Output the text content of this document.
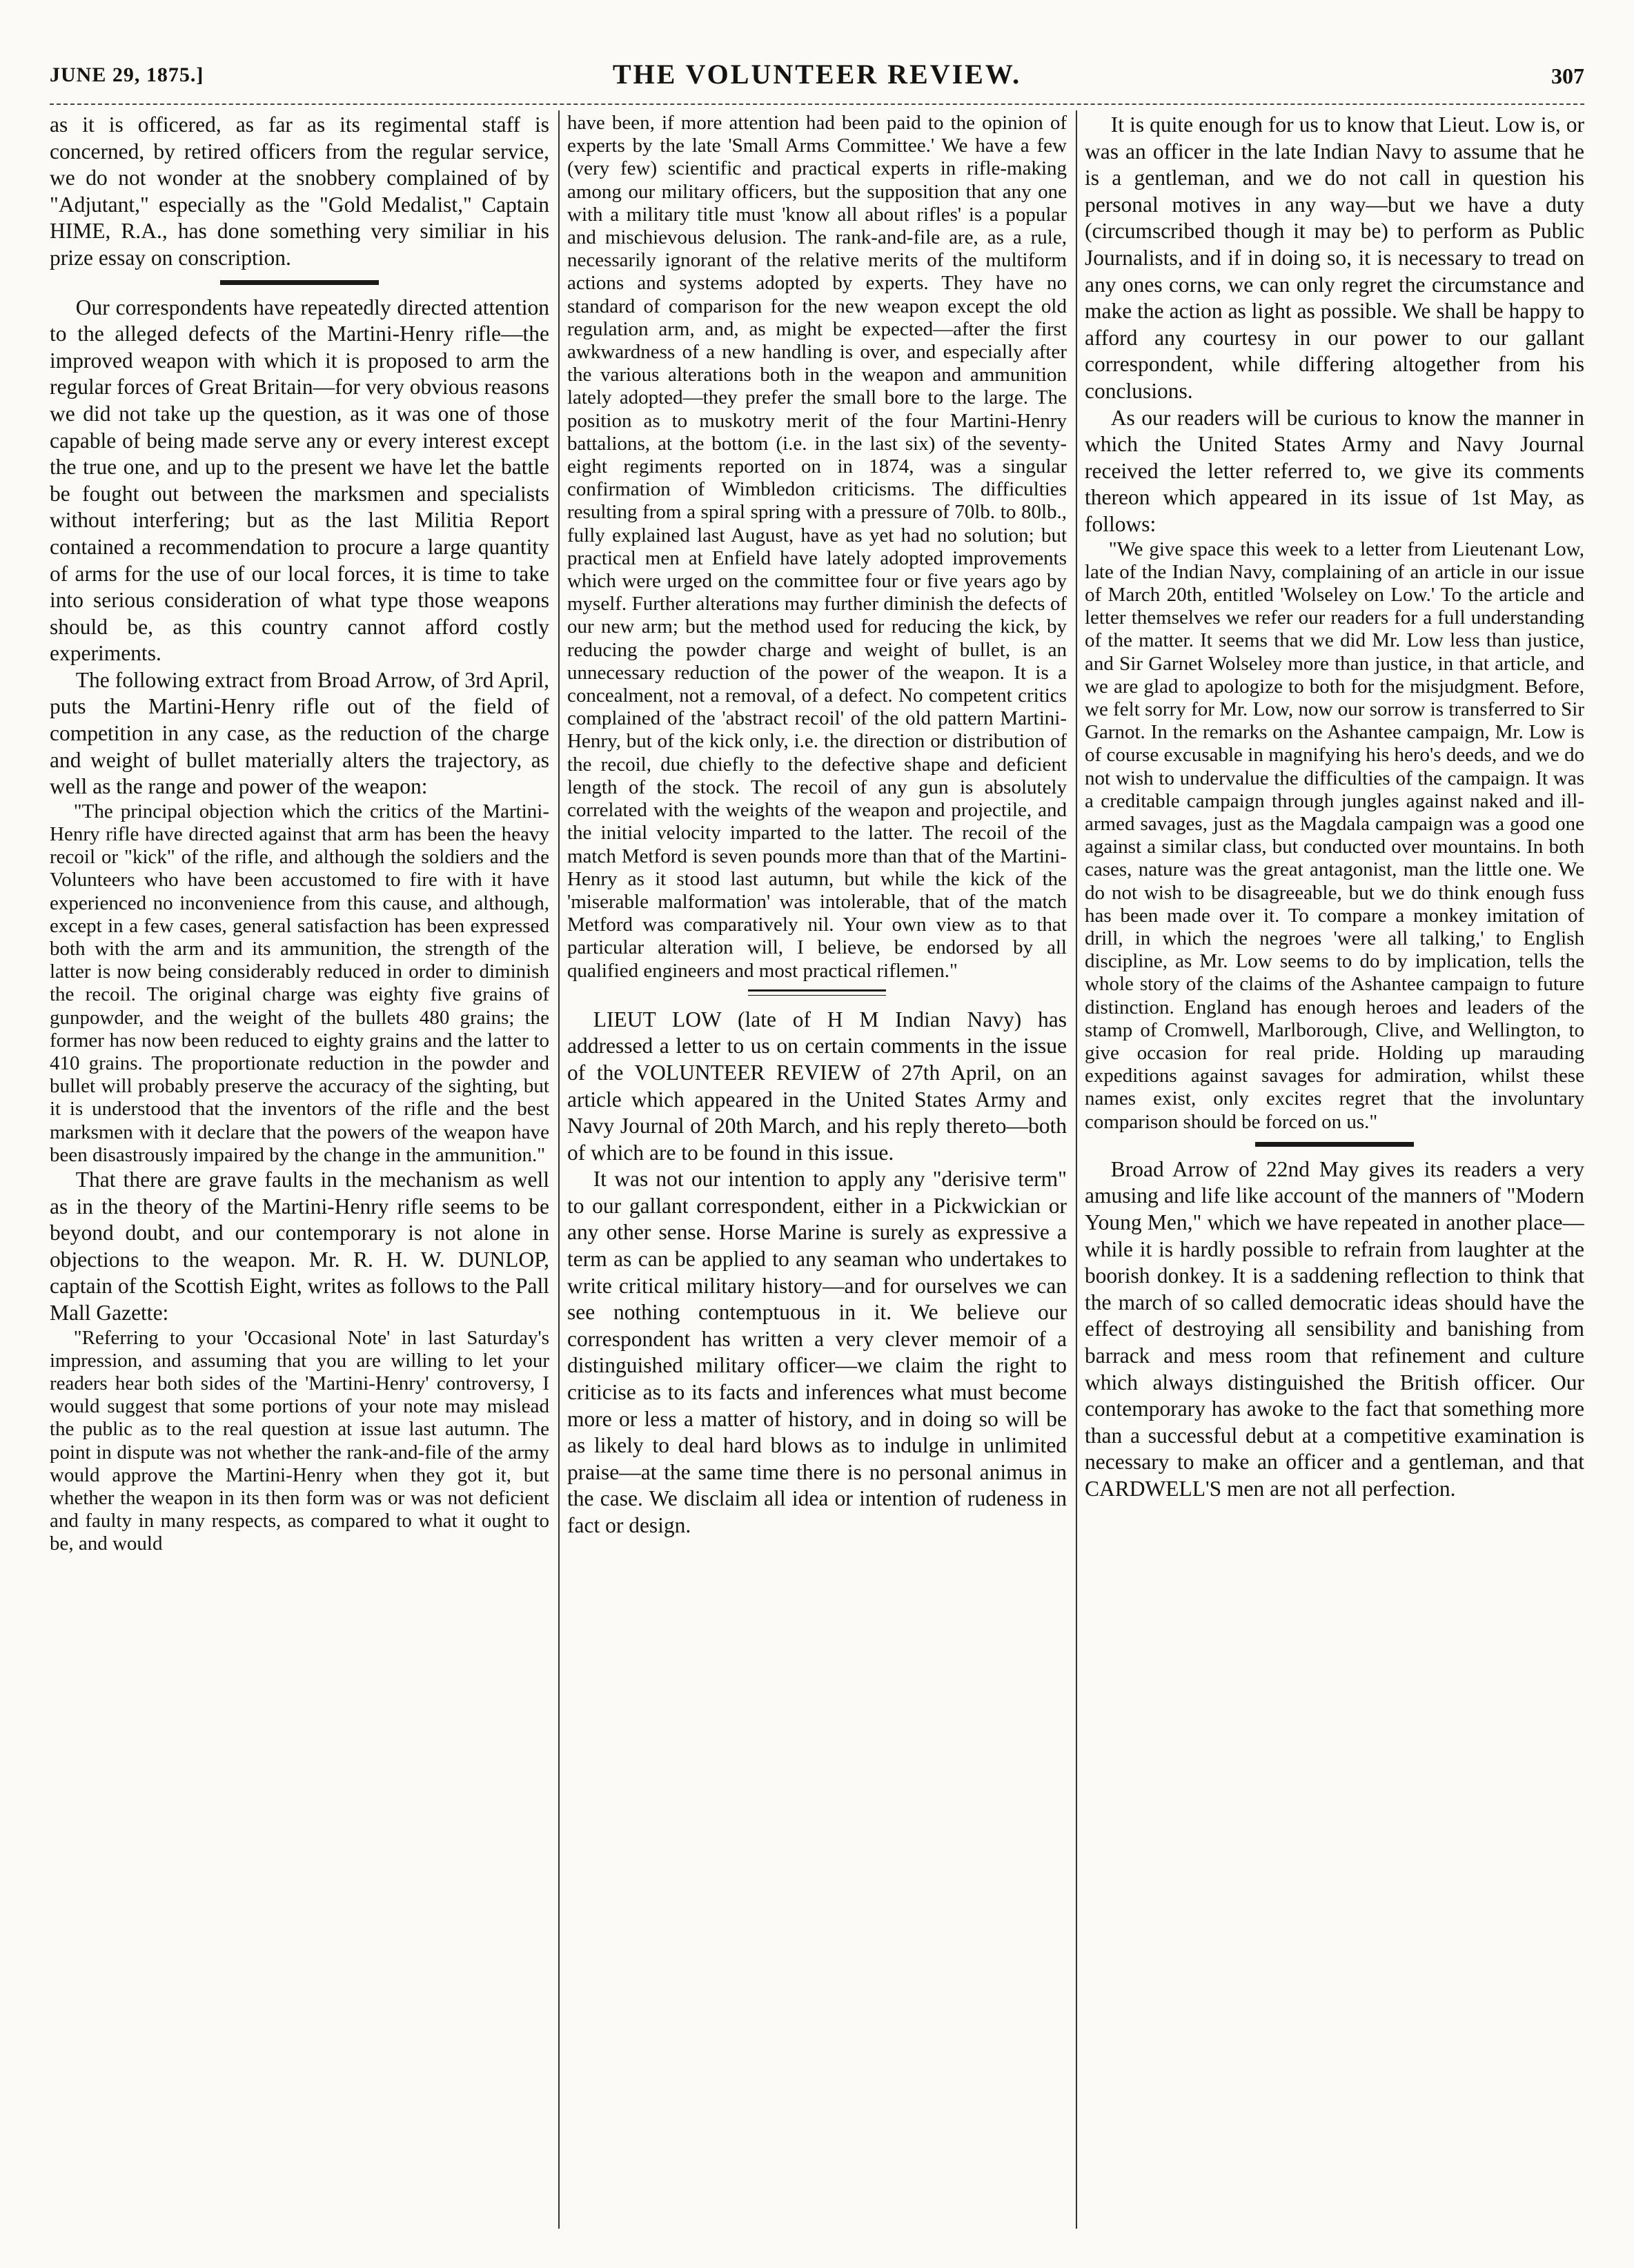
JUNE 29, 1875.]	THE VOLUNTEER REVIEW.	307

as it is officered, as far as its regimental staff is concerned, by retired officers from the regular service, we do not wonder at the snobbery complained of by "Adjutant," especially as the "Gold Medalist," Captain HIME, R.A., has done something very similiar in his prize essay on conscription.

Our correspondents have repeatedly directed attention to the alleged defects of the Martini-Henry rifle—the improved weapon with which it is proposed to arm the regular forces of Great Britain—for very obvious reasons we did not take up the question, as it was one of those capable of being made serve any or every interest except the true one, and up to the present we have let the battle be fought out between the marksmen and specialists without interfering; but as the last Militia Report contained a recommendation to procure a large quantity of arms for the use of our local forces, it is time to take into serious consideration of what type those weapons should be, as this country cannot afford costly experiments.

The following extract from Broad Arrow, of 3rd April, puts the Martini-Henry rifle out of the field of competition in any case, as the reduction of the charge and weight of bullet materially alters the trajectory, as well as the range and power of the weapon:

"The principal objection which the critics of the Martini-Henry rifle have directed against that arm has been the heavy recoil or "kick" of the rifle, and although the soldiers and the Volunteers who have been accustomed to fire with it have experienced no inconvenience from this cause, and although, except in a few cases, general satisfaction has been expressed both with the arm and its ammunition, the strength of the latter is now being considerably reduced in order to diminish the recoil. The original charge was eighty five grains of gunpowder, and the weight of the bullets 480 grains; the former has now been reduced to eighty grains and the latter to 410 grains. The proportionate reduction in the powder and bullet will probably preserve the accuracy of the sighting, but it is understood that the inventors of the rifle and the best marksmen with it declare that the powers of the weapon have been disastrously impaired by the change in the ammunition."

That there are grave faults in the mechanism as well as in the theory of the Martini-Henry rifle seems to be beyond doubt, and our contemporary is not alone in objections to the weapon. Mr. R. H. W. DUNLOP, captain of the Scottish Eight, writes as follows to the Pall Mall Gazette:

"Referring to your 'Occasional Note' in last Saturday's impression, and assuming that you are willing to let your readers hear both sides of the 'Martini-Henry' controversy, I would suggest that some portions of your note may mislead the public as to the real question at issue last autumn. The point in dispute was not whether the rank-and-file of the army would approve the Martini-Henry when they got it, but whether the weapon in its then form was or was not deficient and faulty in many respects, as compared to what it ought to be, and would

have been, if more attention had been paid to the opinion of experts by the late 'Small Arms Committee.' We have a few (very few) scientific and practical experts in rifle-making among our military officers, but the supposition that any one with a military title must 'know all about rifles' is a popular and mischievous delusion. The rank-and-file are, as a rule, necessarily ignorant of the relative merits of the multiform actions and systems adopted by experts. They have no standard of comparison for the new weapon except the old regulation arm, and, as might be expected—after the first awkwardness of a new handling is over, and especially after the various alterations both in the weapon and ammunition lately adopted—they prefer the small bore to the large. The position as to muskotry merit of the four Martini-Henry battalions, at the bottom (i.e. in the last six) of the seventy-eight regiments reported on in 1874, was a singular confirmation of Wimbledon criticisms. The difficulties resulting from a spiral spring with a pressure of 70lb. to 80lb., fully explained last August, have as yet had no solution; but practical men at Enfield have lately adopted improvements which were urged on the committee four or five years ago by myself. Further alterations may further diminish the defects of our new arm; but the method used for reducing the kick, by reducing the powder charge and weight of bullet, is an unnecessary reduction of the power of the weapon. It is a concealment, not a removal, of a defect. No competent critics complained of the 'abstract recoil' of the old pattern Martini-Henry, but of the kick only, i.e. the direction or distribution of the recoil, due chiefly to the defective shape and deficient length of the stock. The recoil of any gun is absolutely correlated with the weights of the weapon and projectile, and the initial velocity imparted to the latter. The recoil of the match Metford is seven pounds more than that of the Martini-Henry as it stood last autumn, but while the kick of the 'miserable malformation' was intolerable, that of the match Metford was comparatively nil. Your own view as to that particular alteration will, I believe, be endorsed by all qualified engineers and most practical riflemen."

LIEUT LOW (late of H M Indian Navy) has addressed a letter to us on certain comments in the issue of the VOLUNTEER REVIEW of 27th April, on an article which appeared in the United States Army and Navy Journal of 20th March, and his reply thereto—both of which are to be found in this issue.

It was not our intention to apply any "derisive term" to our gallant correspondent, either in a Pickwickian or any other sense. Horse Marine is surely as expressive a term as can be applied to any seaman who undertakes to write critical military history—and for ourselves we can see nothing contemptuous in it. We believe our correspondent has written a very clever memoir of a distinguished military officer—we claim the right to criticise as to its facts and inferences what must become more or less a matter of history, and in doing so will be as likely to deal hard blows as to indulge in unlimited praise—at the same time there is no personal animus in the case. We disclaim all idea or intention of rudeness in fact or design.

It is quite enough for us to know that Lieut. Low is, or was an officer in the late Indian Navy to assume that he is a gentleman, and we do not call in question his personal motives in any way—but we have a duty (circumscribed though it may be) to perform as Public Journalists, and if in doing so, it is necessary to tread on any ones corns, we can only regret the circumstance and make the action as light as possible. We shall be happy to afford any courtesy in our power to our gallant correspondent, while differing altogether from his conclusions.

As our readers will be curious to know the manner in which the United States Army and Navy Journal received the letter referred to, we give its comments thereon which appeared in its issue of 1st May, as follows:

"We give space this week to a letter from Lieutenant Low, late of the Indian Navy, complaining of an article in our issue of March 20th, entitled 'Wolseley on Low.' To the article and letter themselves we refer our readers for a full understanding of the matter. It seems that we did Mr. Low less than justice, and Sir Garnet Wolseley more than justice, in that article, and we are glad to apologize to both for the misjudgment. Before, we felt sorry for Mr. Low, now our sorrow is transferred to Sir Garnot. In the remarks on the Ashantee campaign, Mr. Low is of course excusable in magnifying his hero's deeds, and we do not wish to undervalue the difficulties of the campaign. It was a creditable campaign through jungles against naked and ill-armed savages, just as the Magdala campaign was a good one against a similar class, but conducted over mountains. In both cases, nature was the great antagonist, man the little one. We do not wish to be disagreeable, but we do think enough fuss has been made over it. To compare a monkey imitation of drill, in which the negroes 'were all talking,' to English discipline, as Mr. Low seems to do by implication, tells the whole story of the claims of the Ashantee campaign to future distinction. England has enough heroes and leaders of the stamp of Cromwell, Marlborough, Clive, and Wellington, to give occasion for real pride. Holding up marauding expeditions against savages for admiration, whilst these names exist, only excites regret that the involuntary comparison should be forced on us."

Broad Arrow of 22nd May gives its readers a very amusing and life like account of the manners of "Modern Young Men," which we have repeated in another place—while it is hardly possible to refrain from laughter at the boorish donkey. It is a saddening reflection to think that the march of so called democratic ideas should have the effect of destroying all sensibility and banishing from barrack and mess room that refinement and culture which always distinguished the British officer. Our contemporary has awoke to the fact that something more than a successful debut at a competitive examination is necessary to make an officer and a gentleman, and that CARDWELL'S men are not all perfection.
